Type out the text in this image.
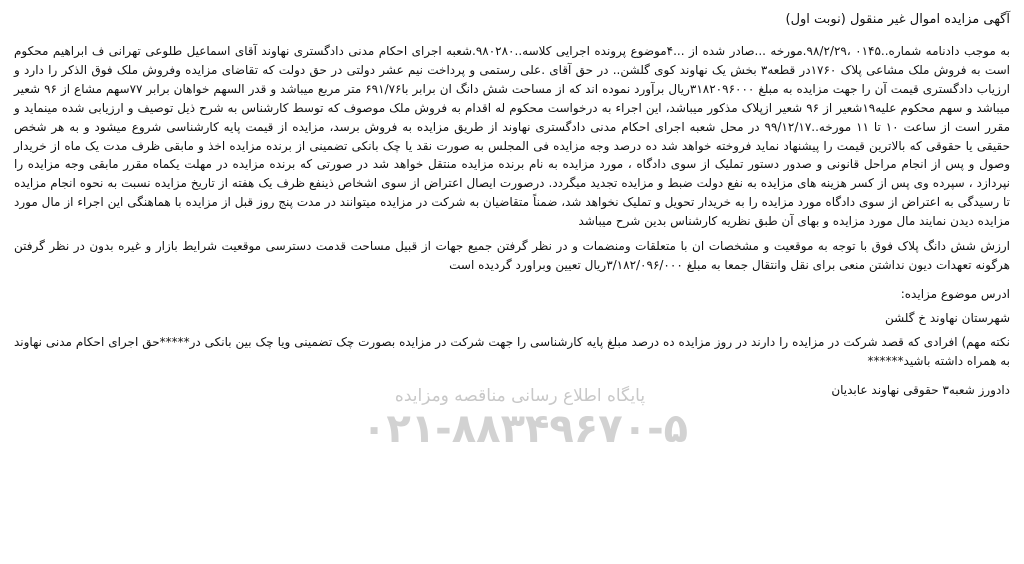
پایگاه اطلاع رسانی مناقصه ومزایده
۰۲۱-۸۸۳۴۹۶۷۰-۵
آگهی مزایده اموال غیر منقول (نوبت اول)

به موجب دادنامه شماره..۰۱۴۵ ،۹۸/۲/۲۹.مورخه ...صادر شده از ...۴موضوع پرونده اجرایی کلاسه..۹۸۰۲۸۰.شعبه اجرای احکام مدنی دادگستری نهاوند آقای اسماعیل طلوعی تهرانی ف ابراهیم محکوم است به فروش ملک مشاعی پلاک ۱۷۶۰در قطعه۳ بخش یک نهاوند کوی گلشن.. در حق آقای .علی رستمی و پرداخت نیم عشر دولتی در حق دولت که تقاضای مزایده وفروش ملک فوق الذکر را دارد و ارزیاب دادگستری قیمت آن را جهت مزایده به مبلغ ۳۱۸۲۰۹۶۰۰۰ریال برآورد نموده اند که از مساحت شش دانگ ان برابر با۶۹۱/۷۶ متر مربع میباشد و قدر السهم خواهان برابر ۷۷سهم مشاع از ۹۶ شعیر میباشد و سهم محکوم علیه۱۹شعیر از ۹۶ شعیر ازپلاک مذکور میباشد، این اجراء به درخواست محکوم له اقدام به فروش ملک موصوف که توسط کارشناس به شرح ذیل توصیف و ارزیابی شده مینماید و مقرر است از ساعت ۱۰ تا ۱۱ مورخه..۹۹/۱۲/۱۷ در محل شعبه اجرای احکام مدنی دادگستری نهاوند از طریق مزایده به فروش برسد، مزایده از قیمت پایه کارشناسی شروع میشود و به هر شخص حقیقی یا حقوقی که بالاترین قیمت را پیشنهاد نماید فروخته خواهد شد ده درصد وجه مزایده فی المجلس به صورت نقد یا چک بانکی تضمینی از برنده مزایده اخذ و مابقی ظرف مدت یک ماه از خریدار وصول و پس از انجام مراحل قانونی و صدور دستور تملیک از سوی دادگاه ، مورد مزایده به نام برنده مزایده منتقل خواهد شد در صورتی که برنده مزایده در مهلت یکماه مقرر مابقی وجه مزایده را نپردازد ، سپرده وی پس از کسر هزینه های مزایده به نفع دولت ضبط و مزایده تجدید میگردد. درصورت ایصال اعتراض از سوی اشخاص ذینفع ظرف یک هفته از تاریخ مزایده نسبت به نحوه انجام مزایده تا رسیدگی به اعتراض از سوی دادگاه مورد مزایده را به خریدار تحویل و تملیک نخواهد شد، ضمناً متقاضیان به شرکت در مزایده میتوانند در مدت پنج روز قبل از مزایده با هماهنگی این اجراء از مال مورد مزایده دیدن نمایند مال مورد مزایده و بهای آن طبق نظریه کارشناس بدین شرح میباشد

ارزش شش دانگ پلاک فوق با توجه به موقعیت و مشخصات ان با متعلقات ومنضمات و در نظر گرفتن جمیع جهات از قبیل مساحت قدمت دسترسی موقعیت شرایط بازار و غیره بدون در نظر گرفتن هرگونه تعهدات دیون نداشتن منعی برای نقل وانتقال جمعا به مبلغ ۳/۱۸۲/۰۹۶/۰۰۰ریال تعیین وبراورد گردیده است

ادرس موضوع مزایده:

شهرستان نهاوند خ گلشن

نکته مهم) افرادی که قصد شرکت در مزایده را دارند در روز مزایده ده درصد مبلغ پایه کارشناسی را جهت شرکت در مزایده بصورت چک تضمینی ویا چک بین بانکی در*****حق اجرای احکام مدنی نهاوند به همراه داشته باشید******

دادورز شعبه۳ حقوقی نهاوند عابدیان
